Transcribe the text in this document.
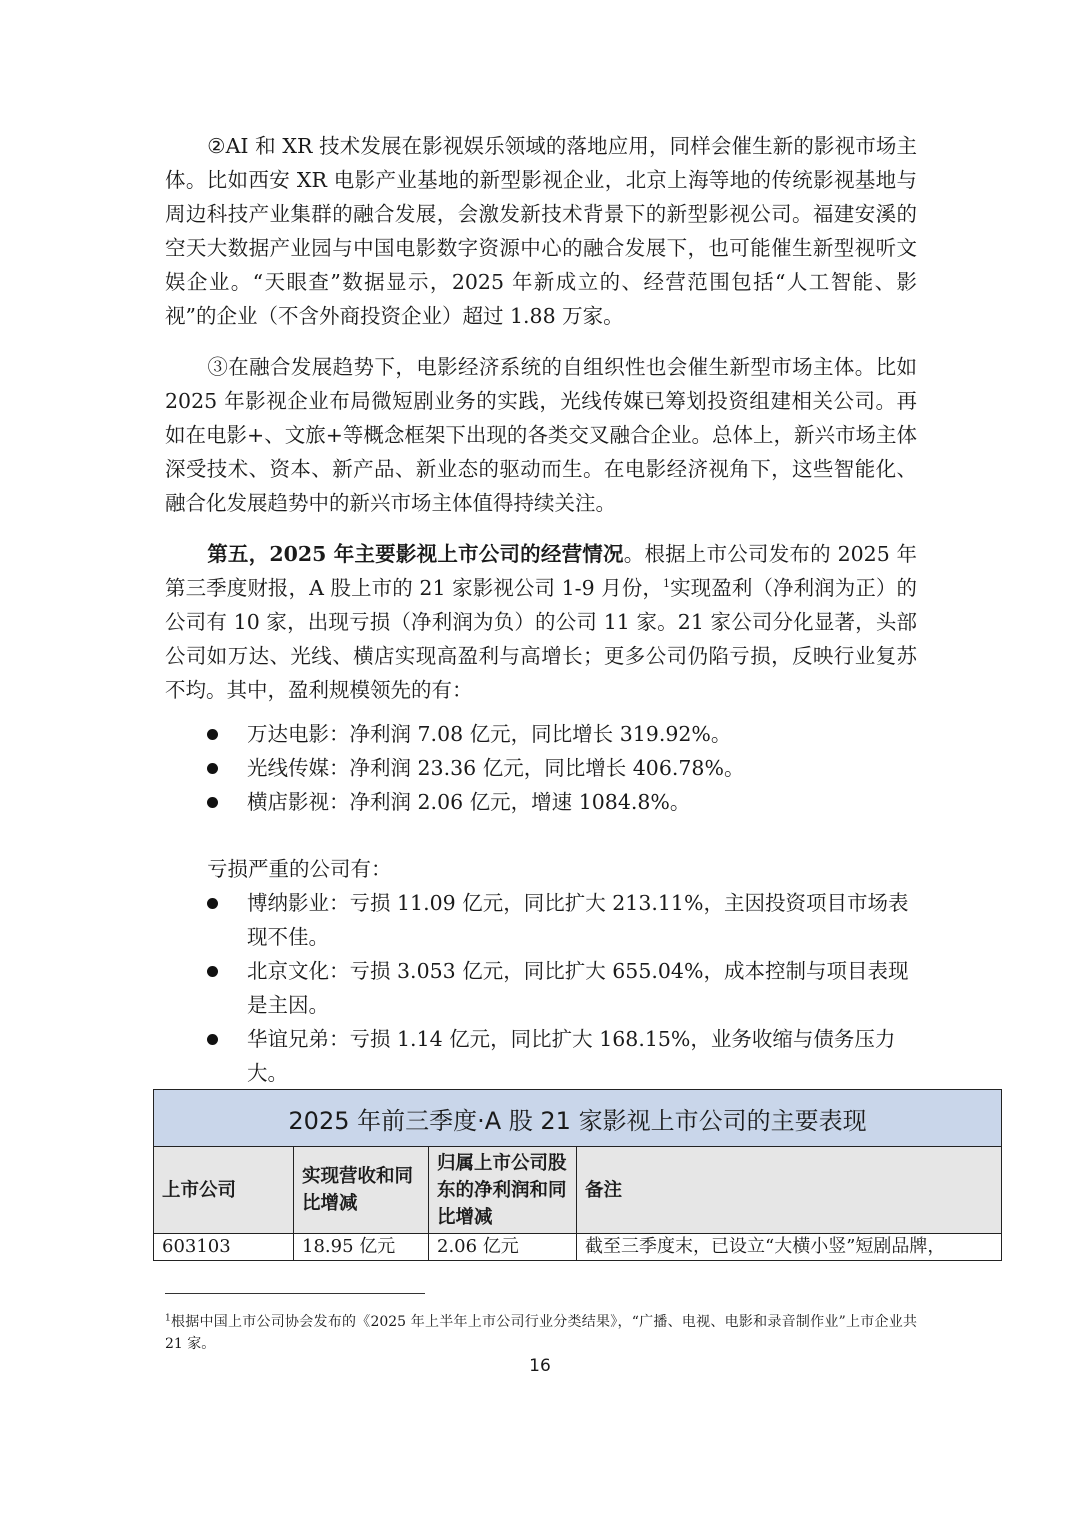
②AI 和 XR 技术发展在影视娱乐领域的落地应用，同样会催生新的影视市场主体。比如西安 XR 电影产业基地的新型影视企业，北京上海等地的传统影视基地与周边科技产业集群的融合发展，会激发新技术背景下的新型影视公司。福建安溪的空天大数据产业园与中国电影数字资源中心的融合发展下，也可能催生新型视听文娱企业。“天眼查”数据显示，2025 年新成立的、经营范围包括“人工智能、影视”的企业（不含外商投资企业）超过 1.88 万家。

③在融合发展趋势下，电影经济系统的自组织性也会催生新型市场主体。比如 2025 年影视企业布局微短剧业务的实践，光线传媒已筹划投资组建相关公司。再如在电影+、文旅+等概念框架下出现的各类交叉融合企业。总体上，新兴市场主体深受技术、资本、新产品、新业态的驱动而生。在电影经济视角下，这些智能化、融合化发展趋势中的新兴市场主体值得持续关注。

第五，2025 年主要影视上市公司的经营情况。根据上市公司发布的 2025 年第三季度财报，A 股上市的 21 家影视公司 1-9 月份，$^1$实现盈利（净利润为正）的公司有 10 家，出现亏损（净利润为负）的公司 11 家。21 家公司分化显著，头部公司如万达、光线、横店实现高盈利与高增长；更多公司仍陷亏损，反映行业复苏不均。其中，盈利规模领先的有：

万达电影：净利润 7.08 亿元，同比增长 319.92%。
光线传媒：净利润 23.36 亿元，同比增长 406.78%。
横店影视：净利润 2.06 亿元，增速 1084.8%。

亏损严重的公司有：

博纳影业：亏损 11.09 亿元，同比扩大 213.11%，主因投资项目市场表现不佳。
北京文化：亏损 3.053 亿元，同比扩大 655.04%，成本控制与项目表现是主因。
华谊兄弟：亏损 1.14 亿元，同比扩大 168.15%，业务收缩与债务压力大。
2025 年前三季度·A 股 21 家影视上市公司的主要表现			
上市公司	实现营收和同比增减	归属上市公司股东的净利润和同比增减	备注
603103	18.95 亿元	2.06 亿元	截至三季度末，已设立“大横小竖”短剧品牌，

$^1$根据中国上市公司协会发布的《2025 年上半年上市公司行业分类结果》，“广播、电视、电影和录音制作业”上市企业共 21 家。

16
